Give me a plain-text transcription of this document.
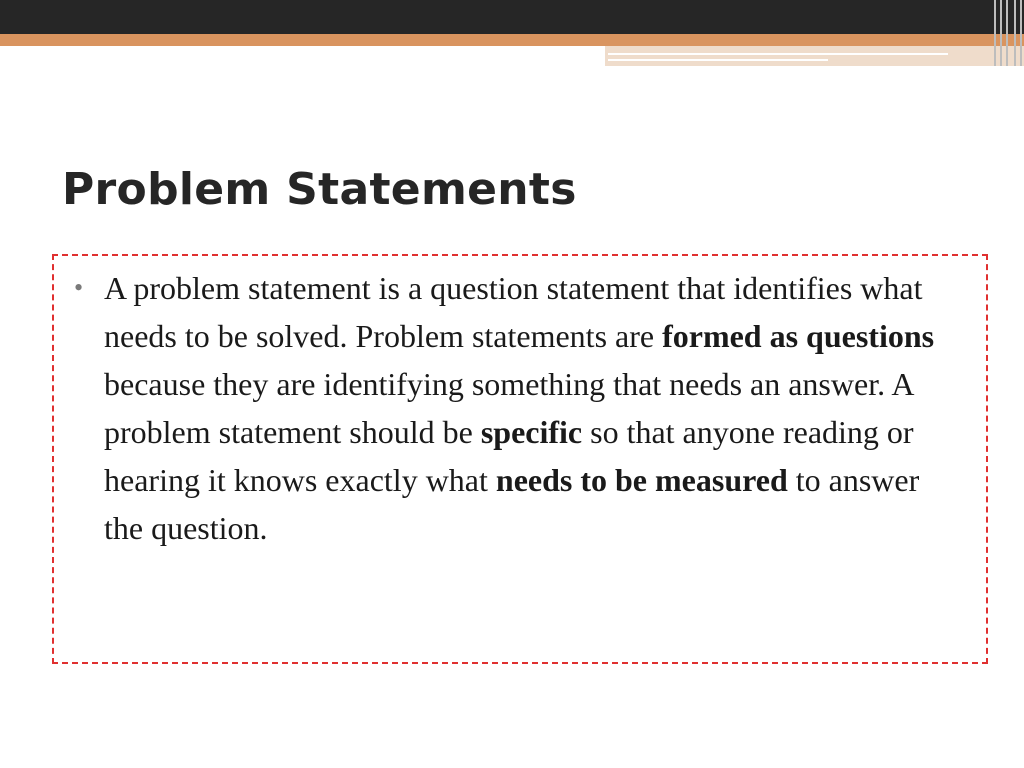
Problem Statements
• A problem statement is a question statement that identifies what needs to be solved. Problem statements are formed as questions because they are identifying something that needs an answer. A problem statement should be specific so that anyone reading or hearing it knows exactly what needs to be measured to answer the question.
